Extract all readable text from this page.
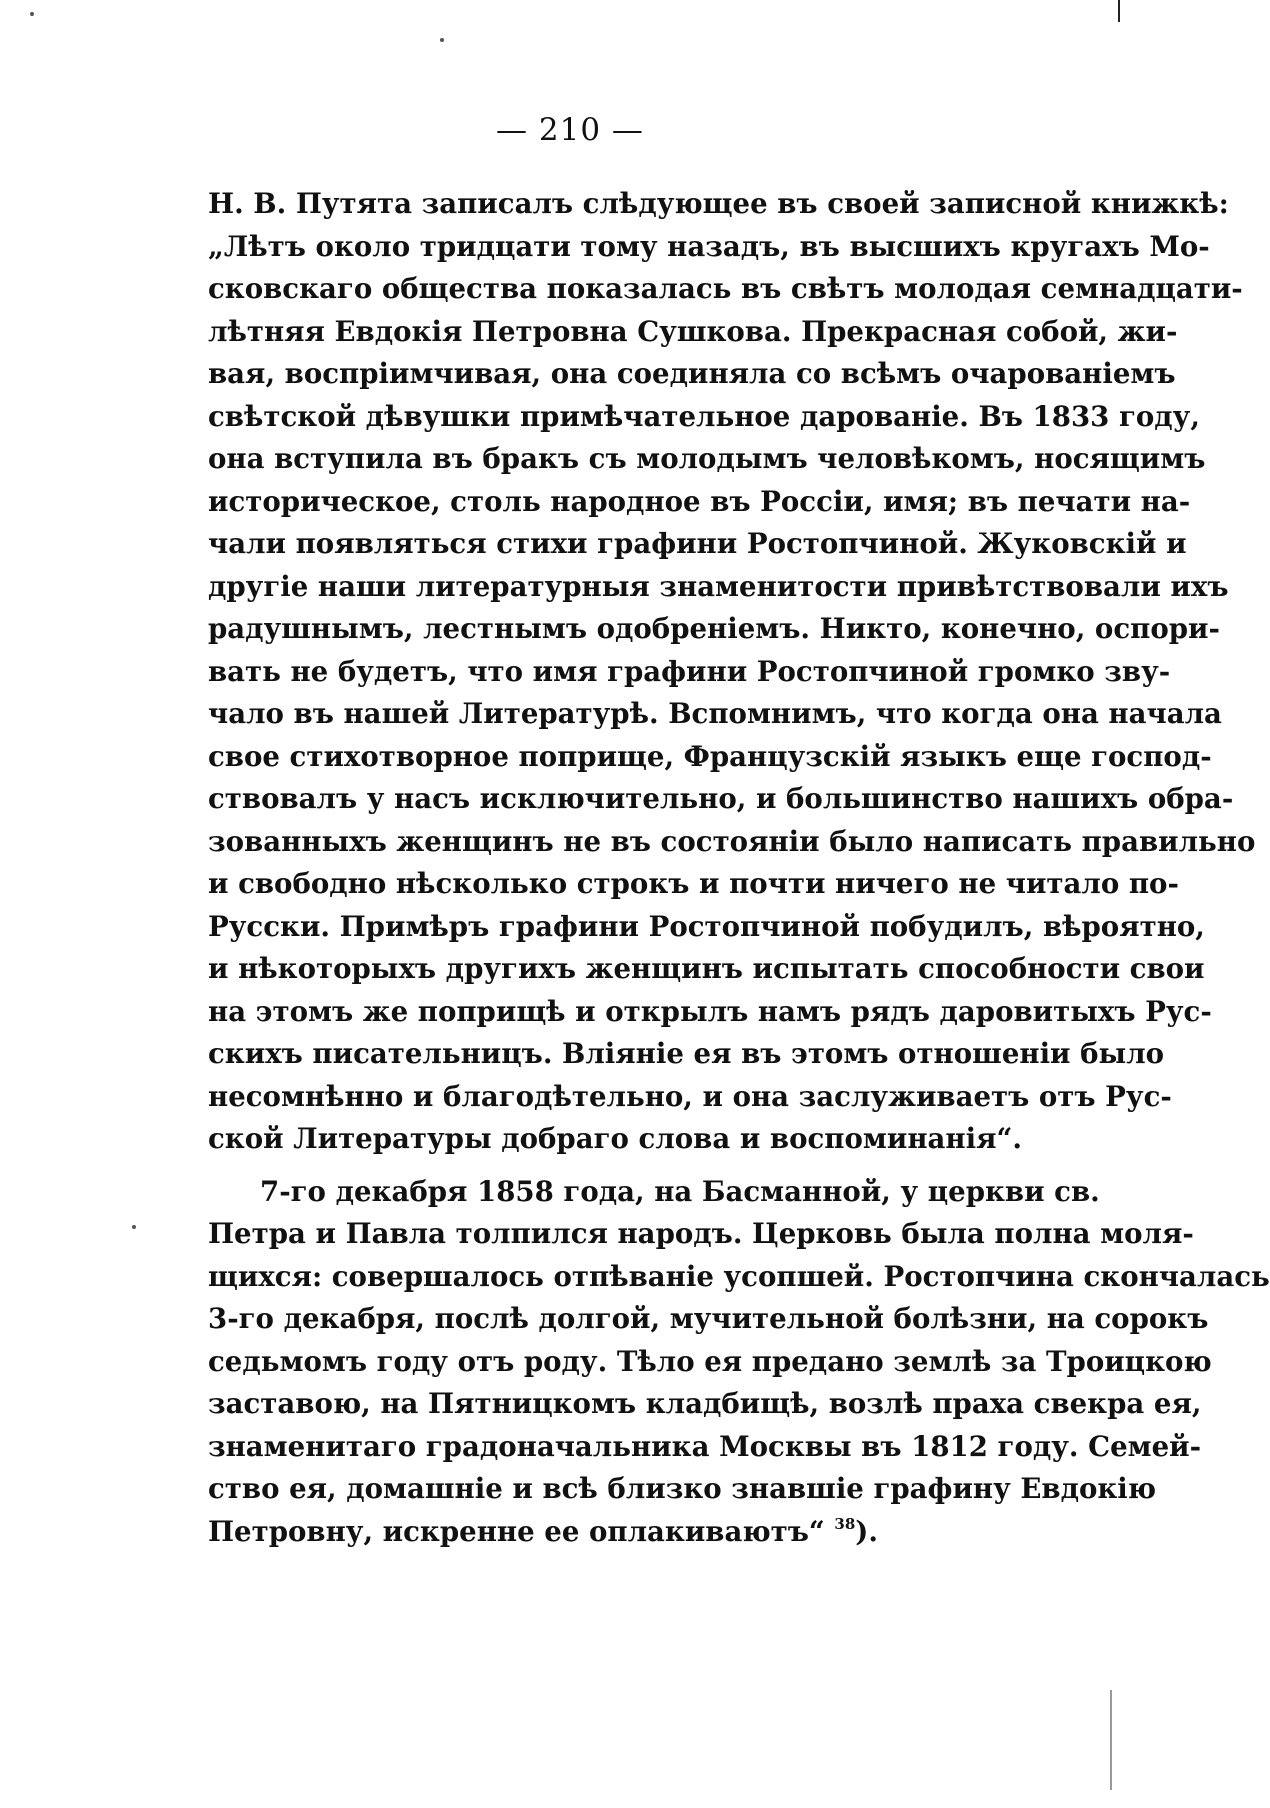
— 210 —
Н. В. Путята записалъ слѣдующее въ своей записной книжкѣ:
„Лѣтъ около тридцати тому назадъ, въ высшихъ кругахъ Мо-
сковскаго общества показалась въ свѣтъ молодая семнадцати-
лѣтняя Евдокія Петровна Сушкова. Прекрасная собой, жи-
вая, воспріимчивая, она соединяла со всѣмъ очарованіемъ
свѣтской дѣвушки примѣчательное дарованіе. Въ 1833 году,
она вступила въ бракъ съ молодымъ человѣкомъ, носящимъ
историческое, столь народное въ Россіи, имя; въ печати на-
чали появляться стихи графини Ростопчиной. Жуковскій и
другіе наши литературныя знаменитости привѣтствовали ихъ
радушнымъ, лестнымъ одобреніемъ. Никто, конечно, оспори-
вать не будетъ, что имя графини Ростопчиной громко зву-
чало въ нашей Литературѣ. Вспомнимъ, что когда она начала
свое стихотворное поприще, Французскій языкъ еще господ-
ствовалъ у насъ исключительно, и большинство нашихъ обра-
зованныхъ женщинъ не въ состояніи было написать правильно
и свободно нѣсколько строкъ и почти ничего не читало по-
Русски. Примѣръ графини Ростопчиной побудилъ, вѣроятно,
и нѣкоторыхъ другихъ женщинъ испытать способности свои
на этомъ же поприщѣ и открылъ намъ рядъ даровитыхъ Рус-
скихъ писательницъ. Вліяніе ея въ этомъ отношеніи было
несомнѣнно и благодѣтельно, и она заслуживаетъ отъ Рус-
ской Литературы добраго слова и воспоминанія“.
7-го декабря 1858 года, на Басманной, у церкви св.
Петра и Павла толпился народъ. Церковь была полна моля-
щихся: совершалось отпѣваніе усопшей. Ростопчина скончалась
3-го декабря, послѣ долгой, мучительной болѣзни, на сорокъ
седьмомъ году отъ роду. Тѣло ея предано землѣ за Троицкою
заставою, на Пятницкомъ кладбищѣ, возлѣ праха свекра ея,
знаменитаго градоначальника Москвы въ 1812 году. Семей-
ство ея, домашніе и всѣ близко знавшіе графину Евдокію
Петровну, искренне ее оплакиваютъ“ $^{38}$).
